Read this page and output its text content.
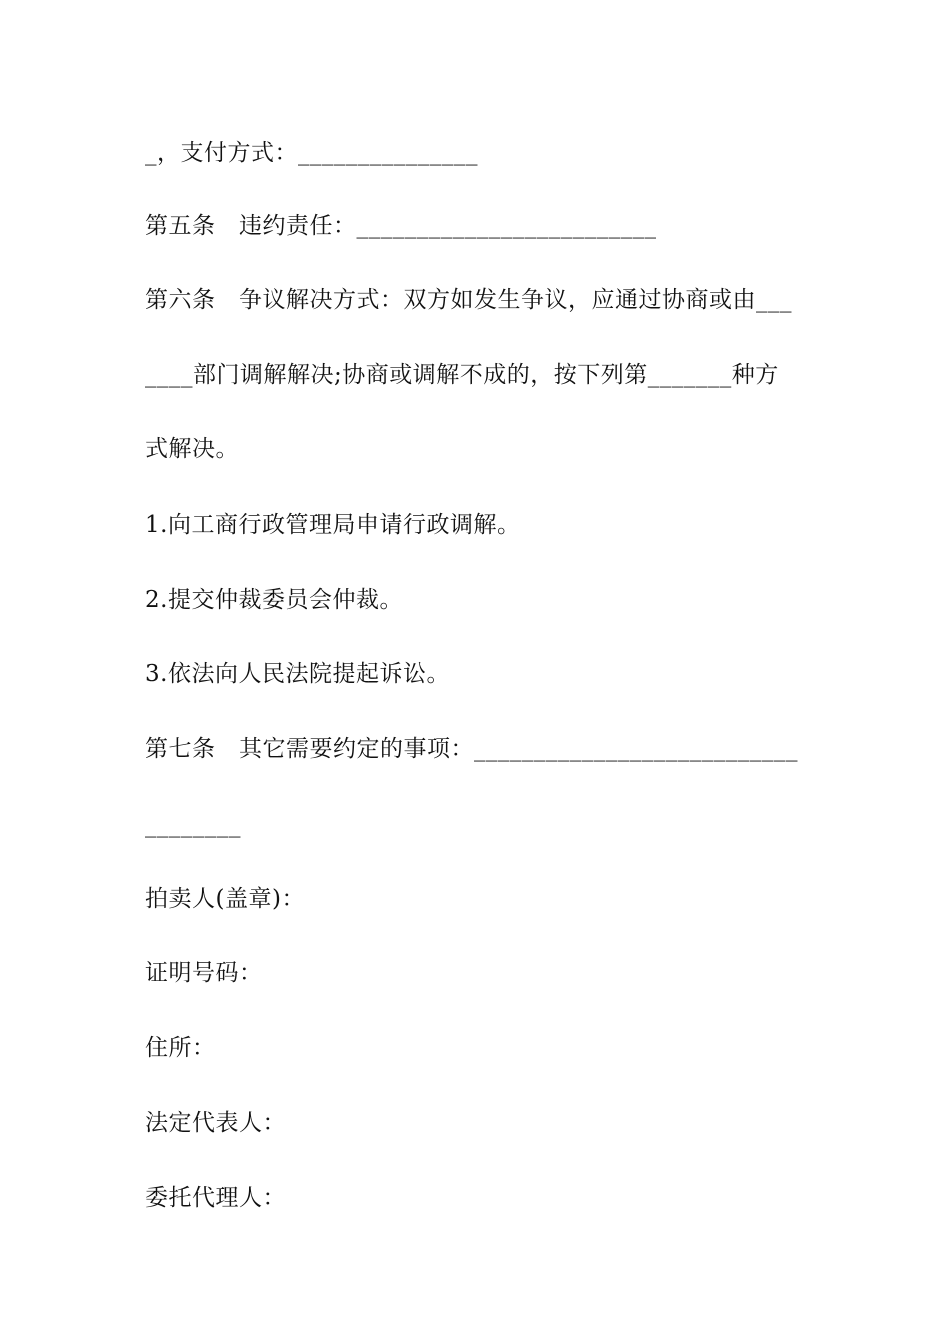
_，支付方式：_______________
第五条　违约责任：_________________________
第六条　争议解决方式：双方如发生争议，应通过协商或由___
____部门调解解决;协商或调解不成的，按下列第_______种方
式解决。
1.向工商行政管理局申请行政调解。
2.提交仲裁委员会仲裁。
3.依法向人民法院提起诉讼。
第七条　其它需要约定的事项：___________________________
________
拍卖人(盖章)：
证明号码：
住所：
法定代表人：
委托代理人：
